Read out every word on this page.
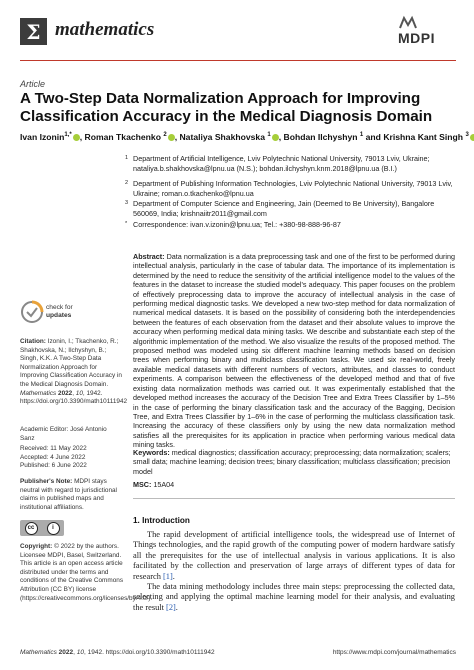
Σ mathematics	MDPI
Article
A Two-Step Data Normalization Approach for Improving Classification Accuracy in the Medical Diagnosis Domain
Ivan Izonin$^{1,*}$ , Roman Tkachenko $^2$ , Nataliya Shakhovska $^1$ , Bohdan Ilchyshyn $^1$ and Krishna Kant Singh $^3$
1 Department of Artificial Intelligence, Lviv Polytechnic National University, 79013 Lviv, Ukraine; nataliya.b.shakhovska@lpnu.ua (N.S.); bohdan.ilchyshyn.knm.2018@lpnu.ua (B.I.)
2 Department of Publishing Information Technologies, Lviv Polytechnic National University, 79013 Lviv, Ukraine; roman.o.tkachenko@lpnu.ua
3 Department of Computer Science and Engineering, Jain (Deemed to Be University), Bangalore 560069, India; krishnaiitr2011@gmail.com
* Correspondence: ivan.v.izonin@lpnu.ua; Tel.: +380-98-888-96-87
Abstract: Data normalization is a data preprocessing task and one of the first to be performed during intellectual analysis, particularly in the case of tabular data. The importance of its implementation is determined by the need to reduce the sensitivity of the artificial intelligence model to the values of the features in the dataset to increase the studied model's adequacy. This paper focuses on the problem of effectively preprocessing data to improve the accuracy of intellectual analysis in the case of performing medical diagnostic tasks. We developed a new two-step method for data normalization of numerical medical datasets. It is based on the possibility of considering both the interdependencies between the features of each observation from the dataset and their absolute values to improve the accuracy when performing medical data mining tasks. We describe and substantiate each step of the algorithmic implementation of the method. We also visualize the results of the proposed method. The proposed method was modeled using six different machine learning methods based on decision trees when performing binary and multiclass classification tasks. We used six real-world, freely available medical datasets with different numbers of vectors, attributes, and classes to conduct experiments. A comparison between the effectiveness of the developed method and that of five existing data normalization methods was carried out. It was experimentally established that the developed method increases the accuracy of the Decision Tree and Extra Trees Classifier by 1–5% in the case of performing the binary classification task and the accuracy of the Bagging, Decision Tree, and Extra Trees Classifier by 1–6% in the case of performing the multiclass classification task. Increasing the accuracy of these classifiers only by using the new data normalization method satisfies all the prerequisites for its application in practice when performing various medical data mining tasks.
Keywords: medical diagnostics; classification accuracy; preprocessing; data normalization; scalers; small data; machine learning; decision trees; binary classification; multiclass classification; precision model
MSC: 15A04
1. Introduction

The rapid development of artificial intelligence tools, the widespread use of Internet of Things technologies, and the rapid growth of the computing power of modern hardware satisfy all the prerequisites for the use of intellectual analysis in various applications. It is also facilitated by the collection and preservation of large arrays of different types of data for research [1].

The data mining methodology includes three main steps: preprocessing the collected data, selecting and applying the optimal machine learning model for their analysis, and evaluating the result [2].

check for
updates
Citation: Izonin, I.; Tkachenko, R.; Shakhovska, N.; Ilchyshyn, B.; Singh, K.K. A Two-Step Data Normalization Approach for Improving Classification Accuracy in the Medical Diagnosis Domain. Mathematics 2022, 10, 1942. https://doi.org/10.3390/math10111942
Academic Editor: José Antonio Sanz
Received: 11 May 2022
Accepted: 4 June 2022
Published: 6 June 2022
Publisher's Note: MDPI stays neutral with regard to jurisdictional claims in published maps and institutional affiliations.
cc	i
Copyright: © 2022 by the authors. Licensee MDPI, Basel, Switzerland. This article is an open access article distributed under the terms and conditions of the Creative Commons Attribution (CC BY) license (https://creativecommons.org/licenses/by/4.0/).
Mathematics 2022, 10, 1942. https://doi.org/10.3390/math10111942	https://www.mdpi.com/journal/mathematics
